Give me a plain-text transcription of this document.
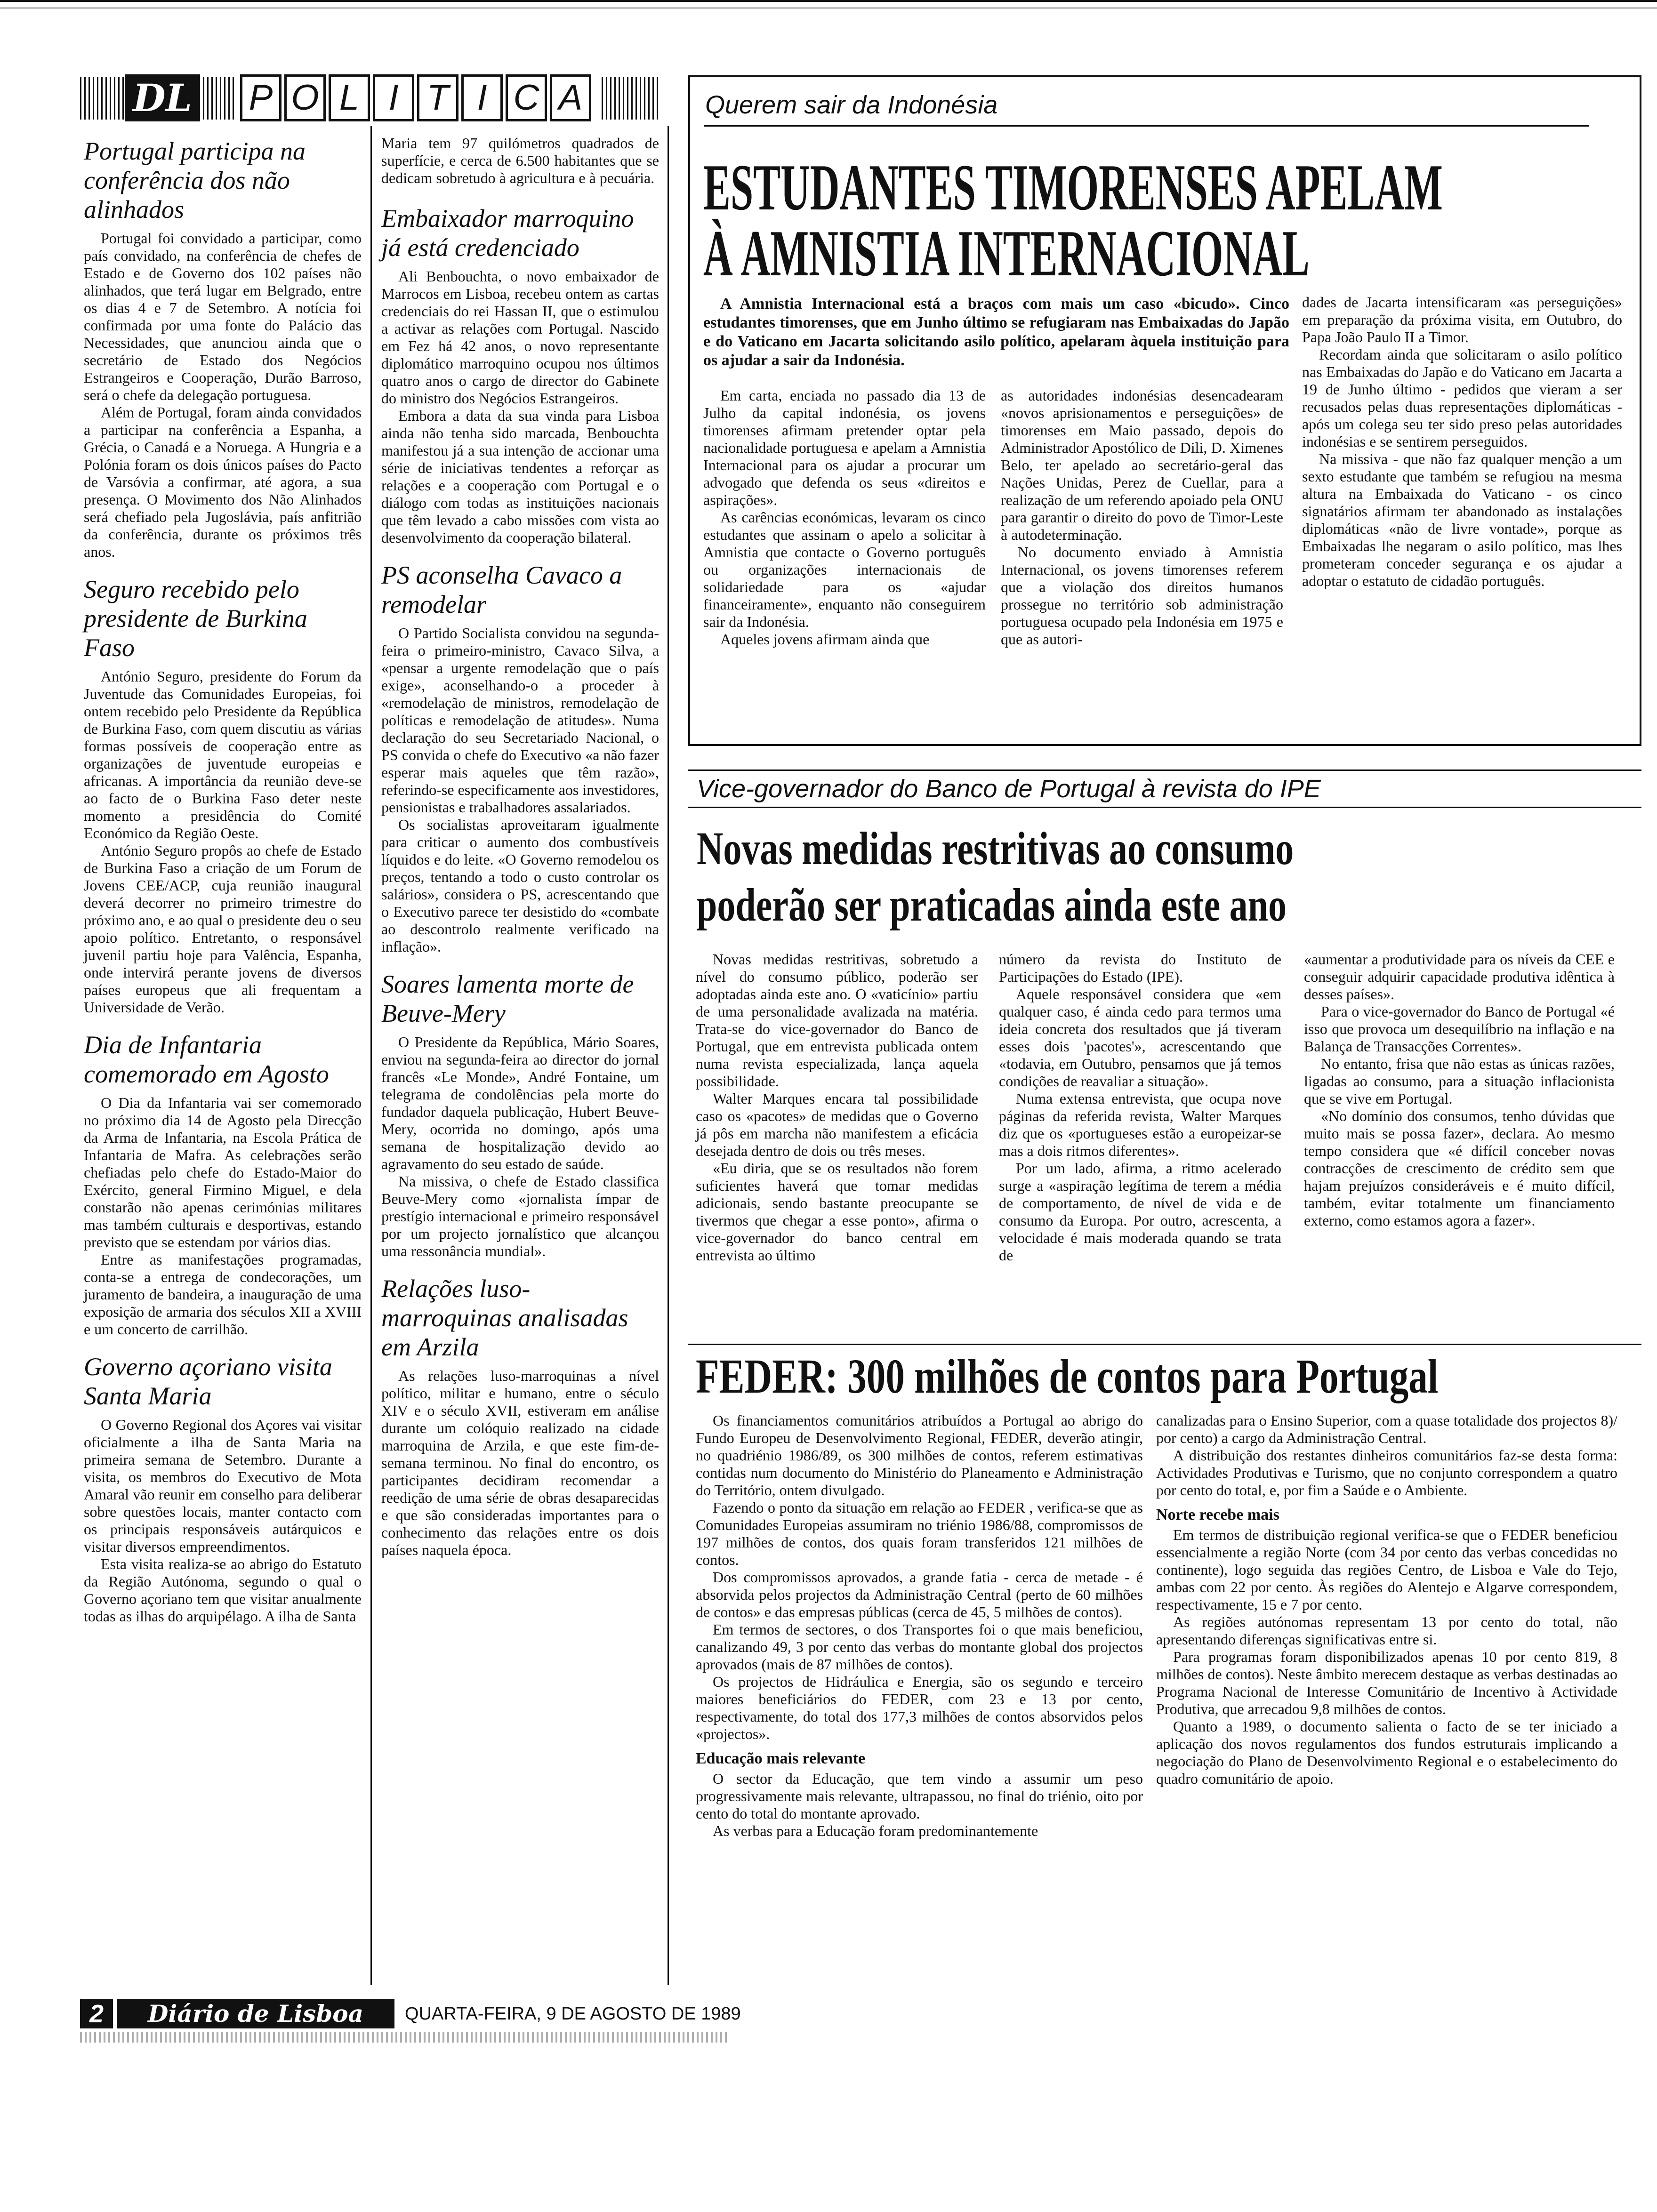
DL P O L I T I C A
Portugal participa na conferência dos não alinhados

Portugal foi convidado a participar, como país convidado, na conferência de chefes de Estado e de Governo dos 102 países não alinhados, que terá lugar em Belgrado, entre os dias 4 e 7 de Setembro. A notícia foi confirmada por uma fonte do Palácio das Necessidades, que anunciou ainda que o secretário de Estado dos Negócios Estrangeiros e Cooperação, Durão Barroso, será o chefe da delegação portuguesa.

Além de Portugal, foram ainda convidados a participar na conferência a Espanha, a Grécia, o Canadá e a Noruega. A Hungria e a Polónia foram os dois únicos países do Pacto de Varsóvia a confirmar, até agora, a sua presença. O Movimento dos Não Alinhados será chefiado pela Jugoslávia, país anfitrião da conferência, durante os próximos três anos.

Seguro recebido pelo presidente de Burkina Faso

António Seguro, presidente do Forum da Juventude das Comunidades Europeias, foi ontem recebido pelo Presidente da República de Burkina Faso, com quem discutiu as várias formas possíveis de cooperação entre as organizações de juventude europeias e africanas. A importância da reunião deve-se ao facto de o Burkina Faso deter neste momento a presidência do Comité Económico da Região Oeste.

António Seguro propôs ao chefe de Estado de Burkina Faso a criação de um Forum de Jovens CEE/ACP, cuja reunião inaugural deverá decorrer no primeiro trimestre do próximo ano, e ao qual o presidente deu o seu apoio político. Entretanto, o responsável juvenil partiu hoje para Valência, Espanha, onde intervirá perante jovens de diversos países europeus que ali frequentam a Universidade de Verão.

Dia de Infantaria comemorado em Agosto

O Dia da Infantaria vai ser comemorado no próximo dia 14 de Agosto pela Direcção da Arma de Infantaria, na Escola Prática de Infantaria de Mafra. As celebrações serão chefiadas pelo chefe do Estado-Maior do Exército, general Firmino Miguel, e dela constarão não apenas cerimónias militares mas também culturais e desportivas, estando previsto que se estendam por vários dias.

Entre as manifestações programadas, conta-se a entrega de condecorações, um juramento de bandeira, a inauguração de uma exposição de armaria dos séculos XII a XVIII e um concerto de carrilhão.

Governo açoriano visita Santa Maria

O Governo Regional dos Açores vai visitar oficialmente a ilha de Santa Maria na primeira semana de Setembro. Durante a visita, os membros do Executivo de Mota Amaral vão reunir em conselho para deliberar sobre questões locais, manter contacto com os principais responsáveis autárquicos e visitar diversos empreendimentos.

Esta visita realiza-se ao abrigo do Estatuto da Região Autónoma, segundo o qual o Governo açoriano tem que visitar anualmente todas as ilhas do arquipélago. A ilha de Santa

Maria tem 97 quilómetros quadrados de superfície, e cerca de 6.500 habitantes que se dedicam sobretudo à agricultura e à pecuária.
Embaixador marroquino já está credenciado

Ali Benbouchta, o novo embaixador de Marrocos em Lisboa, recebeu ontem as cartas credenciais do rei Hassan II, que o estimulou a activar as relações com Portugal. Nascido em Fez há 42 anos, o novo representante diplomático marroquino ocupou nos últimos quatro anos o cargo de director do Gabinete do ministro dos Negócios Estrangeiros.

Embora a data da sua vinda para Lisboa ainda não tenha sido marcada, Benbouchta manifestou já a sua intenção de accionar uma série de iniciativas tendentes a reforçar as relações e a cooperação com Portugal e o diálogo com todas as instituições nacionais que têm levado a cabo missões com vista ao desenvolvimento da cooperação bilateral.

PS aconselha Cavaco a remodelar

O Partido Socialista convidou na segunda-feira o primeiro-ministro, Cavaco Silva, a «pensar a urgente remodelação que o país exige», aconselhando-o a proceder à «remodelação de ministros, remodelação de políticas e remodelação de atitudes». Numa declaração do seu Secretariado Nacional, o PS convida o chefe do Executivo «a não fazer esperar mais aqueles que têm razão», referindo-se especificamente aos investidores, pensionistas e trabalhadores assalariados.

Os socialistas aproveitaram igualmente para criticar o aumento dos combustíveis líquidos e do leite. «O Governo remodelou os preços, tentando a todo o custo controlar os salários», considera o PS, acrescentando que o Executivo parece ter desistido do «combate ao descontrolo realmente verificado na inflação».

Soares lamenta morte de Beuve-Mery

O Presidente da República, Mário Soares, enviou na segunda-feira ao director do jornal francês «Le Monde», André Fontaine, um telegrama de condolências pela morte do fundador daquela publicação, Hubert Beuve-Mery, ocorrida no domingo, após uma semana de hospitalização devido ao agravamento do seu estado de saúde.

Na missiva, o chefe de Estado classifica Beuve-Mery como «jornalista ímpar de prestígio internacional e primeiro responsável por um projecto jornalístico que alcançou uma ressonância mundial».

Relações luso-marroquinas analisadas em Arzila

As relações luso-marroquinas a nível político, militar e humano, entre o século XIV e o século XVII, estiveram em análise durante um colóquio realizado na cidade marroquina de Arzila, e que este fim-de-semana terminou. No final do encontro, os participantes decidiram recomendar a reedição de uma série de obras desaparecidas e que são consideradas importantes para o conhecimento das relações entre os dois países naquela época.

Querem sair da Indonésia
ESTUDANTES TIMORENSES APELAM
À AMNISTIA INTERNACIONAL
A Amnistia Internacional está a braços com mais um caso «bicudo». Cinco estudantes timorenses, que em Junho último se refugiaram nas Embaixadas do Japão e do Vaticano em Jacarta solicitando asilo político, apelaram àquela instituição para os ajudar a sair da Indonésia.

Em carta, enciada no passado dia 13 de Julho da capital indonésia, os jovens timorenses afirmam pretender optar pela nacionalidade portuguesa e apelam a Amnistia Internacional para os ajudar a procurar um advogado que defenda os seus «direitos e aspirações».

As carências económicas, levaram os cinco estudantes que assinam o apelo a solicitar à Amnistia que contacte o Governo português ou organizações internacionais de solidariedade para os «ajudar financeiramente», enquanto não conseguirem sair da Indonésia.

Aqueles jovens afirmam ainda que

as autoridades indonésias desencadearam «novos aprisionamentos e perseguições» de timorenses em Maio passado, depois do Administrador Apostólico de Dili, D. Ximenes Belo, ter apelado ao secretário-geral das Nações Unidas, Perez de Cuellar, para a realização de um referendo apoiado pela ONU para garantir o direito do povo de Timor-Leste à autodeterminação.

No documento enviado à Amnistia Internacional, os jovens timorenses referem que a violação dos direitos humanos prossegue no território sob administração portuguesa ocupado pela Indonésia em 1975 e que as autori-

dades de Jacarta intensificaram «as perseguições» em preparação da próxima visita, em Outubro, do Papa João Paulo II a Timor.

Recordam ainda que solicitaram o asilo político nas Embaixadas do Japão e do Vaticano em Jacarta a 19 de Junho último - pedidos que vieram a ser recusados pelas duas representações diplomáticas - após um colega seu ter sido preso pelas autoridades indonésias e se sentirem perseguidos.

Na missiva - que não faz qualquer menção a um sexto estudante que também se refugiou na mesma altura na Embaixada do Vaticano - os cinco signatários afirmam ter abandonado as instalações diplomáticas «não de livre vontade», porque as Embaixadas lhe negaram o asilo político, mas lhes prometeram conceder segurança e os ajudar a adoptar o estatuto de cidadão português.

Vice-governador do Banco de Portugal à revista do IPE
Novas medidas restritivas ao consumo
poderão ser praticadas ainda este ano

Novas medidas restritivas, sobretudo a nível do consumo público, poderão ser adoptadas ainda este ano. O «vaticínio» partiu de uma personalidade avalizada na matéria. Trata-se do vice-governador do Banco de Portugal, que em entrevista publicada ontem numa revista especializada, lança aquela possibilidade.

Walter Marques encara tal possibilidade caso os «pacotes» de medidas que o Governo já pôs em marcha não manifestem a eficácia desejada dentro de dois ou três meses.

«Eu diria, que se os resultados não forem suficientes haverá que tomar medidas adicionais, sendo bastante preocupante se tivermos que chegar a esse ponto», afirma o vice-governador do banco central em entrevista ao último

número da revista do Instituto de Participações do Estado (IPE).

Aquele responsável considera que «em qualquer caso, é ainda cedo para termos uma ideia concreta dos resultados que já tiveram esses dois 'pacotes'», acrescentando que «todavia, em Outubro, pensamos que já temos condições de reavaliar a situação».

Numa extensa entrevista, que ocupa nove páginas da referida revista, Walter Marques diz que os «portugueses estão a europeizar-se mas a dois ritmos diferentes».

Por um lado, afirma, a ritmo acelerado surge a «aspiração legítima de terem a média de comportamento, de nível de vida e de consumo da Europa. Por outro, acrescenta, a velocidade é mais moderada quando se trata de

«aumentar a produtividade para os níveis da CEE e conseguir adquirir capacidade produtiva idêntica à desses países».

Para o vice-governador do Banco de Portugal «é isso que provoca um desequilíbrio na inflação e na Balança de Transacções Correntes».

No entanto, frisa que não estas as únicas razões, ligadas ao consumo, para a situação inflacionista que se vive em Portugal.

«No domínio dos consumos, tenho dúvidas que muito mais se possa fazer», declara. Ao mesmo tempo considera que «é difícil conceber novas contracções de crescimento de crédito sem que hajam prejuízos consideráveis e é muito difícil, também, evitar totalmente um financiamento externo, como estamos agora a fazer».

FEDER: 300 milhões de contos para Portugal

Os financiamentos comunitários atribuídos a Portugal ao abrigo do Fundo Europeu de Desenvolvimento Regional, FEDER, deverão atingir, no quadriénio 1986/89, os 300 milhões de contos, referem estimativas contidas num documento do Ministério do Planeamento e Administração do Território, ontem divulgado.

Fazendo o ponto da situação em relação ao FEDER , verifica-se que as Comunidades Europeias assumiram no triénio 1986/88, compromissos de 197 milhões de contos, dos quais foram transferidos 121 milhões de contos.

Dos compromissos aprovados, a grande fatia - cerca de metade - é absorvida pelos projectos da Administração Central (perto de 60 milhões de contos» e das empresas públicas (cerca de 45, 5 milhões de contos).

Em termos de sectores, o dos Transportes foi o que mais beneficiou, canalizando 49, 3 por cento das verbas do montante global dos projectos aprovados (mais de 87 milhões de contos).

Os projectos de Hidráulica e Energia, são os segundo e terceiro maiores beneficiários do FEDER, com 23 e 13 por cento, respectivamente, do total dos 177,3 milhões de contos absorvidos pelos «projectos».

Educação mais relevante

O sector da Educação, que tem vindo a assumir um peso progressivamente mais relevante, ultrapassou, no final do triénio, oito por cento do total do montante aprovado.

As verbas para a Educação foram predominantemente

canalizadas para o Ensino Superior, com a quase totalidade dos projectos 8)/ por cento) a cargo da Administração Central.

A distribuição dos restantes dinheiros comunitários faz-se desta forma: Actividades Produtivas e Turismo, que no conjunto correspondem a quatro por cento do total, e, por fim a Saúde e o Ambiente.

Norte recebe mais

Em termos de distribuição regional verifica-se que o FEDER beneficiou essencialmente a região Norte (com 34 por cento das verbas concedidas no continente), logo seguida das regiões Centro, de Lisboa e Vale do Tejo, ambas com 22 por cento. Às regiões do Alentejo e Algarve correspondem, respectivamente, 15 e 7 por cento.

As regiões autónomas representam 13 por cento do total, não apresentando diferenças significativas entre si.

Para programas foram disponibilizados apenas 10 por cento 819, 8 milhões de contos). Neste âmbito merecem destaque as verbas destinadas ao Programa Nacional de Interesse Comunitário de Incentivo à Actividade Produtiva, que arrecadou 9,8 milhões de contos.

Quanto a 1989, o documento salienta o facto de se ter iniciado a aplicação dos novos regulamentos dos fundos estruturais implicando a negociação do Plano de Desenvolvimento Regional e o estabelecimento do quadro comunitário de apoio.

2	Diário de Lisboa	QUARTA-FEIRA, 9 DE AGOSTO DE 1989
